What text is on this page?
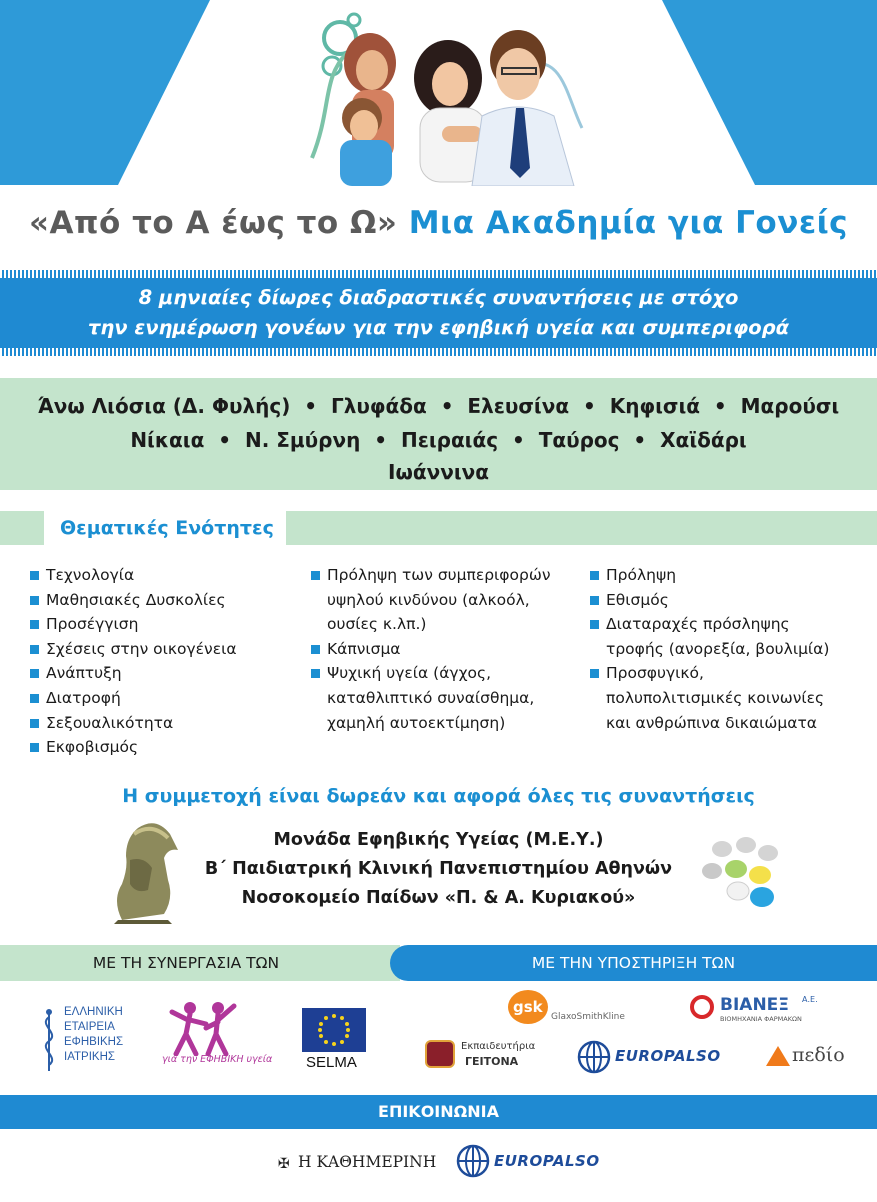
«Από το Α έως το Ω» Μια Ακαδημία για Γονείς
8 μηνιαίες δίωρες διαδραστικές συναντήσεις με στόχο
την ενημέρωση γονέων για την εφηβική υγεία και συμπεριφορά
Άνω Λιόσια (Δ. Φυλής)  •  Γλυφάδα  •  Ελευσίνα  •  Κηφισιά  •  Μαρούσι
Νίκαια  •  Ν. Σμύρνη  •  Πειραιάς  •  Ταύρος  •  Χαϊδάρι
Ιωάννινα
Θεματικές Ενότητες
Τεχνολογία
Μαθησιακές Δυσκολίες
Προσέγγιση
Σχέσεις στην οικογένεια
Ανάπτυξη
Διατροφή
Σεξουαλικότητα
Εκφοβισμός
Πρόληψη των συμπεριφορών
υψηλού κινδύνου (αλκοόλ,
ουσίες κ.λπ.)
Κάπνισμα
Ψυχική υγεία (άγχος,
καταθλιπτικό συναίσθημα,
χαμηλή αυτοεκτίμηση)
Πρόληψη
Εθισμός
Διαταραχές πρόσληψης
τροφής (ανορεξία, βουλιμία)
Προσφυγικό,
πολυπολιτισμικές κοινωνίες
και ανθρώπινα δικαιώματα
Η συμμετοχή είναι δωρεάν και αφορά όλες τις συναντήσεις
Μονάδα Εφηβικής Υγείας (Μ.Ε.Υ.)
Β΄ Παιδιατρική Κλινική Πανεπιστημίου Αθηνών
Νοσοκομείο Παίδων «Π. & Α. Κυριακού»
ΜΕ ΤΗ ΣΥΝΕΡΓΑΣΙΑ ΤΩΝ	ΜΕ ΤΗΝ ΥΠΟΣΤΗΡΙΞΗ ΤΩΝ
ΕΛΛΗΝΙΚΗ
ΕΤΑΙΡΕΙΑ
ΕΦΗΒΙΚΗΣ
ΙΑΤΡΙΚΗΣ	για την ΕΦΗΒΙΚΗ υγεία SELMA
gsk
GlaxoSmithKline
ΒΙΑΝΕΞ Α.Ε.
ΒΙΟΜΗΧΑΝΙΑ ΦΑΡΜΑΚΩΝ
Εκπαιδευτήρια
ΓΕΙΤΟΝΑ	EUROPALSO	πεδίο
ΕΠΙΚΟΙΝΩΝΙΑ
✠ Η ΚΑΘΗΜΕΡΙΝΗ	EUROPALSO
